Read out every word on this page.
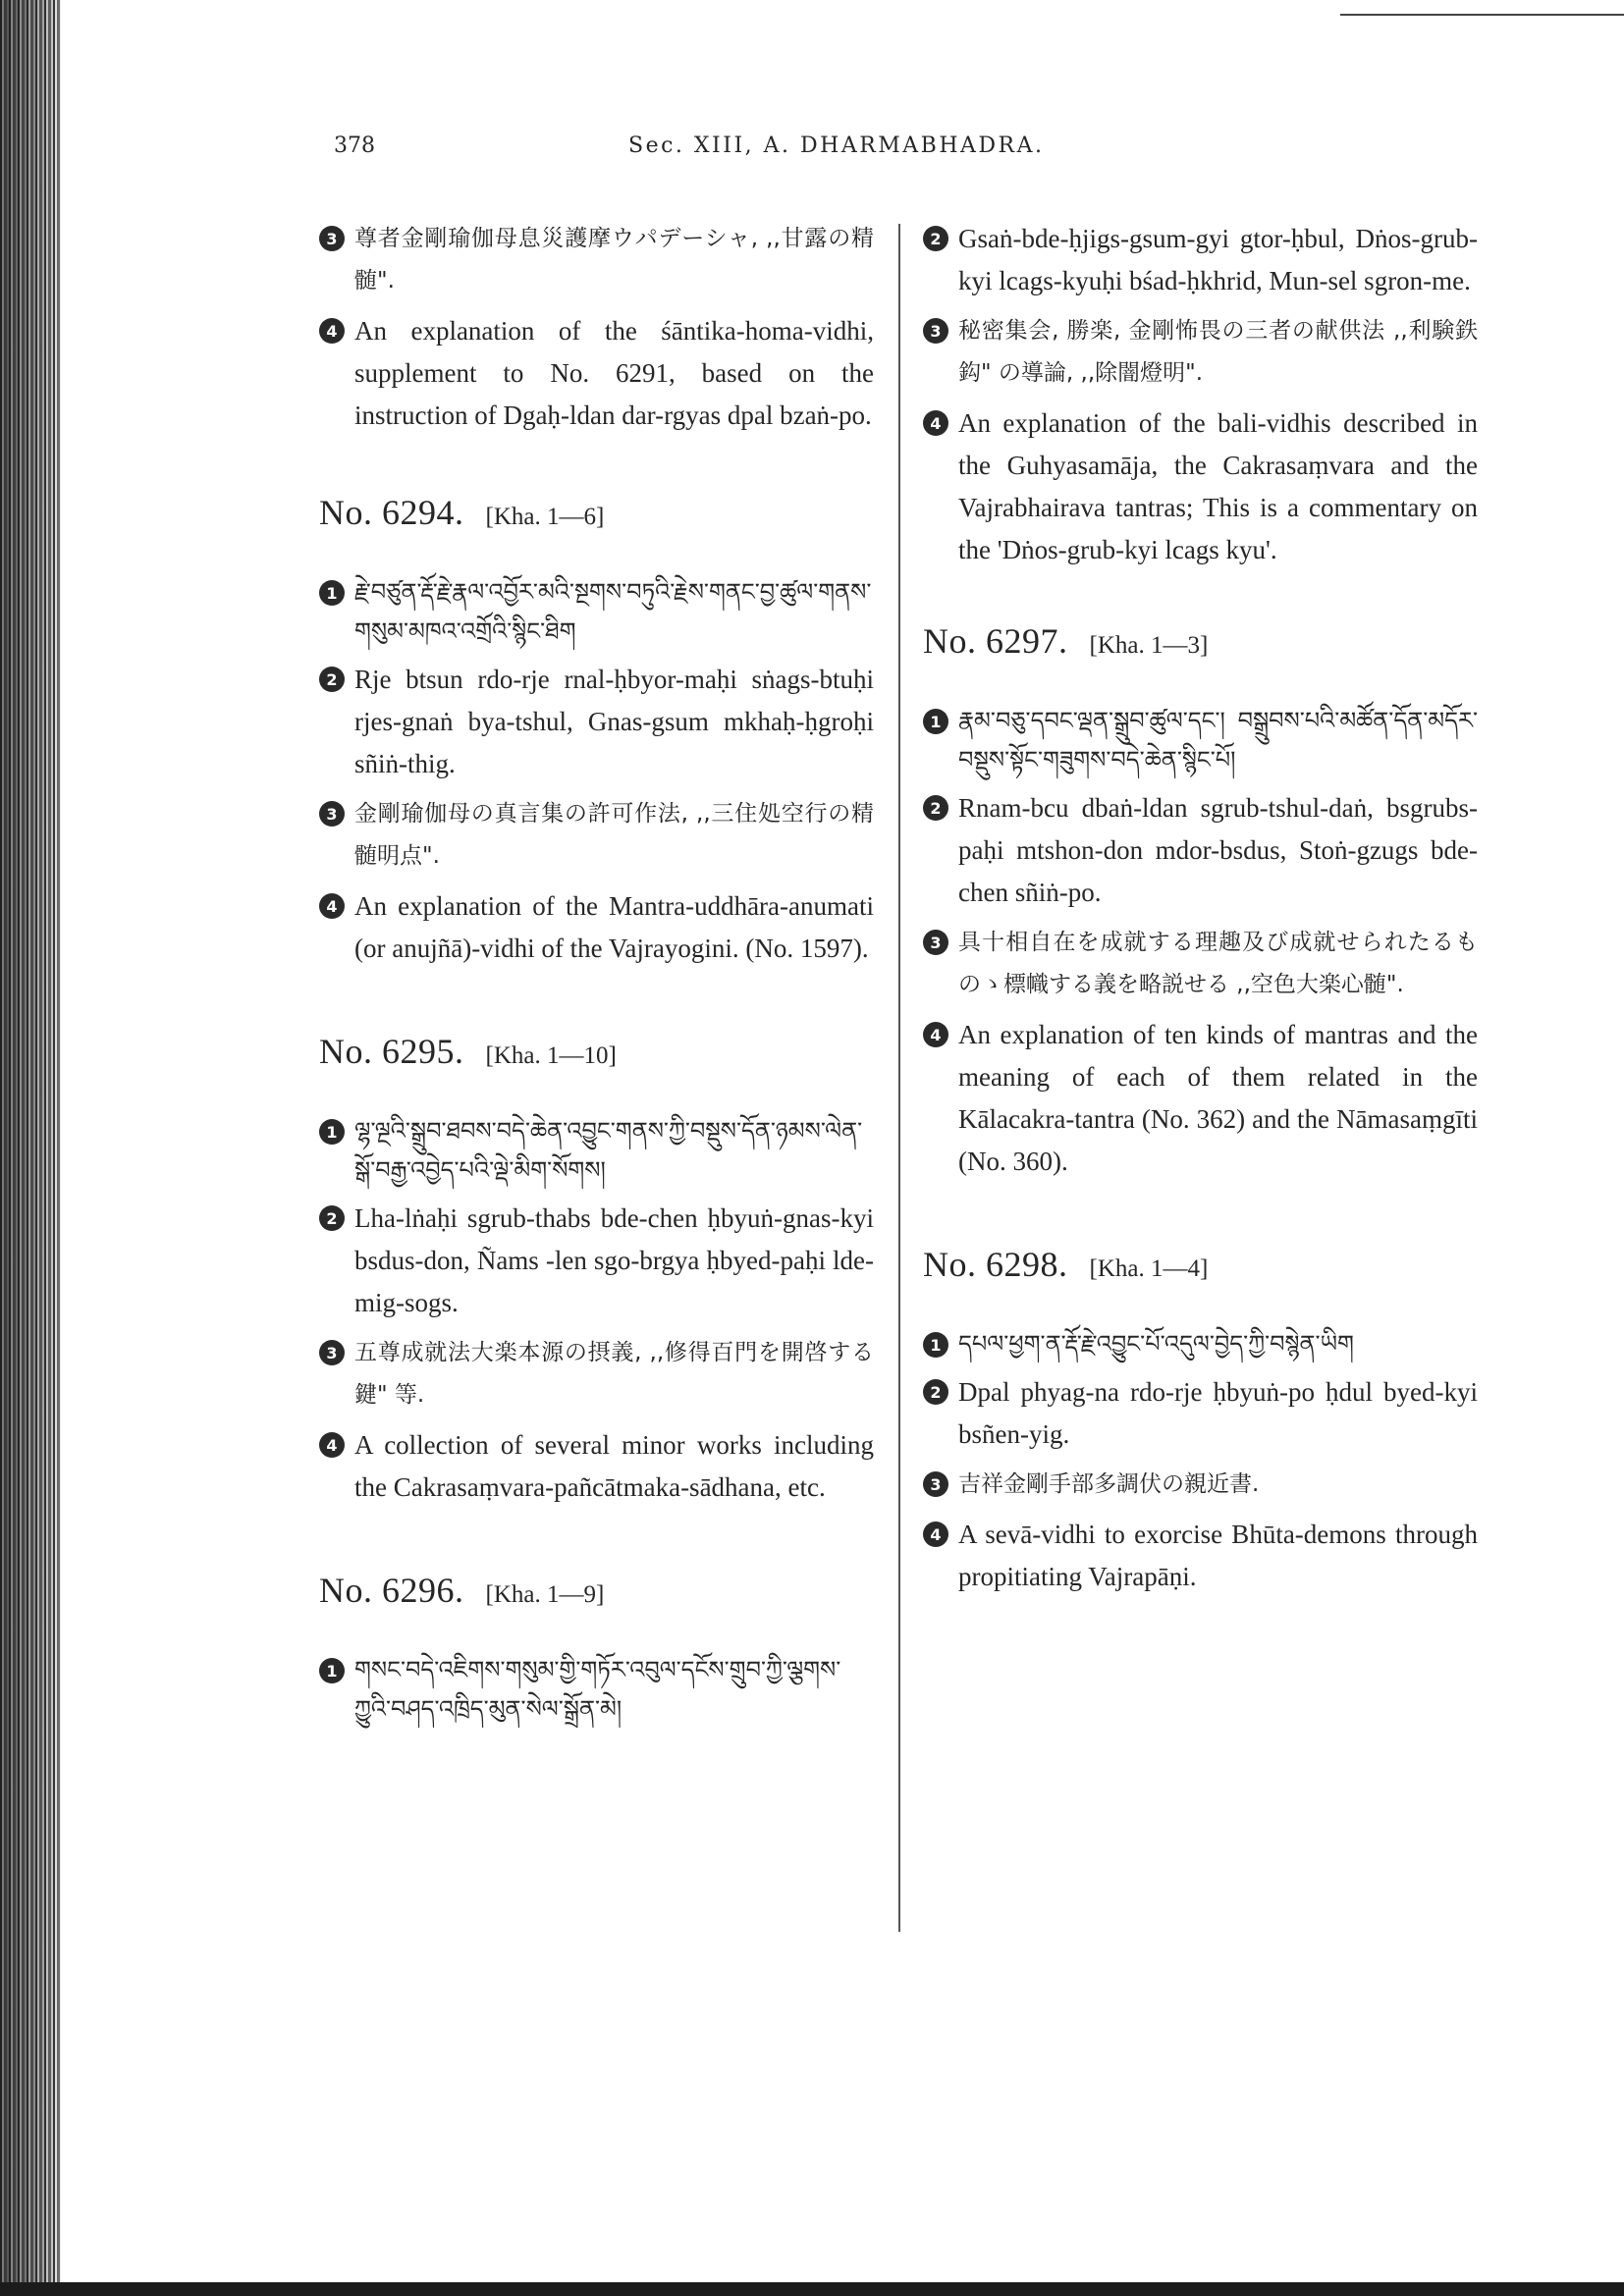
378	Sec. XIII, A. DHARMABHADRA.
3 尊者金剛瑜伽母息災護摩ウパデーシャ, ,,甘露の精髄".
4 An explanation of the śāntika-homa-vidhi, supplement to No. 6291, based on the instruction of Dgaḥ-ldan dar-rgyas dpal bzaṅ-po.
No. 6294. [Kha. 1—6]
1 རྗེ་བཙུན་རྡོ་རྗེ་རྣལ་འབྱོར་མའི་སྔགས་བཏུའི་རྗེས་གནང་བྱ་ཚུལ་གནས་གསུམ་མཁའ་འགྲོའི་སྙིང་ཐིག
2 Rje btsun rdo-rje rnal-ḥbyor-maḥi sṅags-btuḥi rjes-gnaṅ bya-tshul, Gnas-gsum mkhaḥ-ḥgroḥi sñiṅ-thig.
3 金剛瑜伽母の真言集の許可作法, ,,三住処空行の精髄明点".
4 An explanation of the Mantra-uddhāra-anumati (or anujñā)-vidhi of the Vajrayogini. (No. 1597).
No. 6295. [Kha. 1—10]
1 ལྷ་ལྔའི་སྒྲུབ་ཐབས་བདེ་ཆེན་འབྱུང་གནས་ཀྱི་བསྡུས་དོན་ཉམས་ལེན་སྒོ་བརྒྱ་འབྱེད་པའི་ལྡེ་མིག་སོགས།
2 Lha-lṅaḥi sgrub-thabs bde-chen ḥbyuṅ-gnas-kyi bsdus-don, Ñams -len sgo-brgya ḥbyed-paḥi lde-mig-sogs.
3 五尊成就法大楽本源の摂義, ,,修得百門を開啓する鍵" 等.
4 A collection of several minor works including the Cakrasaṃvara-pañcātmaka-sādhana, etc.
No. 6296. [Kha. 1—9]
1 གསང་བདེ་འཇིགས་གསུམ་གྱི་གཏོར་འབུལ་དངོས་གྲུབ་ཀྱི་ལྕགས་ཀྱུའི་བཤད་འཁྲིད་མུན་སེལ་སྒྲོན་མེ།
2 Gsaṅ-bde-ḥjigs-gsum-gyi gtor-ḥbul, Dṅos-grub-kyi lcags-kyuḥi bśad-ḥkhrid, Mun-sel sgron-me.
3 秘密集会, 勝楽, 金剛怖畏の三者の献供法 ,,利験鉄鈎" の導論, ,,除闇燈明".
4 An explanation of the bali-vidhis described in the Guhyasamāja, the Cakrasaṃvara and the Vajrabhairava tantras; This is a commentary on the 'Dṅos-grub-kyi lcags kyu'.
No. 6297. [Kha. 1—3]
1 རྣམ་བཅུ་དབང་ལྡན་སྒྲུབ་ཚུལ་དང་། བསྒྲུབས་པའི་མཚོན་དོན་མདོར་བསྡུས་སྟོང་གཟུགས་བདེ་ཆེན་སྙིང་པོ།
2 Rnam-bcu dbaṅ-ldan sgrub-tshul-daṅ, bsgrubs-paḥi mtshon-don mdor-bsdus, Stoṅ-gzugs bde-chen sñiṅ-po.
3 具十相自在を成就する理趣及び成就せられたるものゝ標幟する義を略説せる ,,空色大楽心髄".
4 An explanation of ten kinds of mantras and the meaning of each of them related in the Kālacakra-tantra (No. 362) and the Nāmasaṃgīti (No. 360).
No. 6298. [Kha. 1—4]
1 དཔལ་ཕྱག་ན་རྡོ་རྗེ་འབྱུང་པོ་འདུལ་བྱེད་ཀྱི་བསྙེན་ཡིག
2 Dpal phyag-na rdo-rje ḥbyuṅ-po ḥdul byed-kyi bsñen-yig.
3 吉祥金剛手部多調伏の親近書.
4 A sevā-vidhi to exorcise Bhūta-demons through propitiating Vajrapāṇi.
